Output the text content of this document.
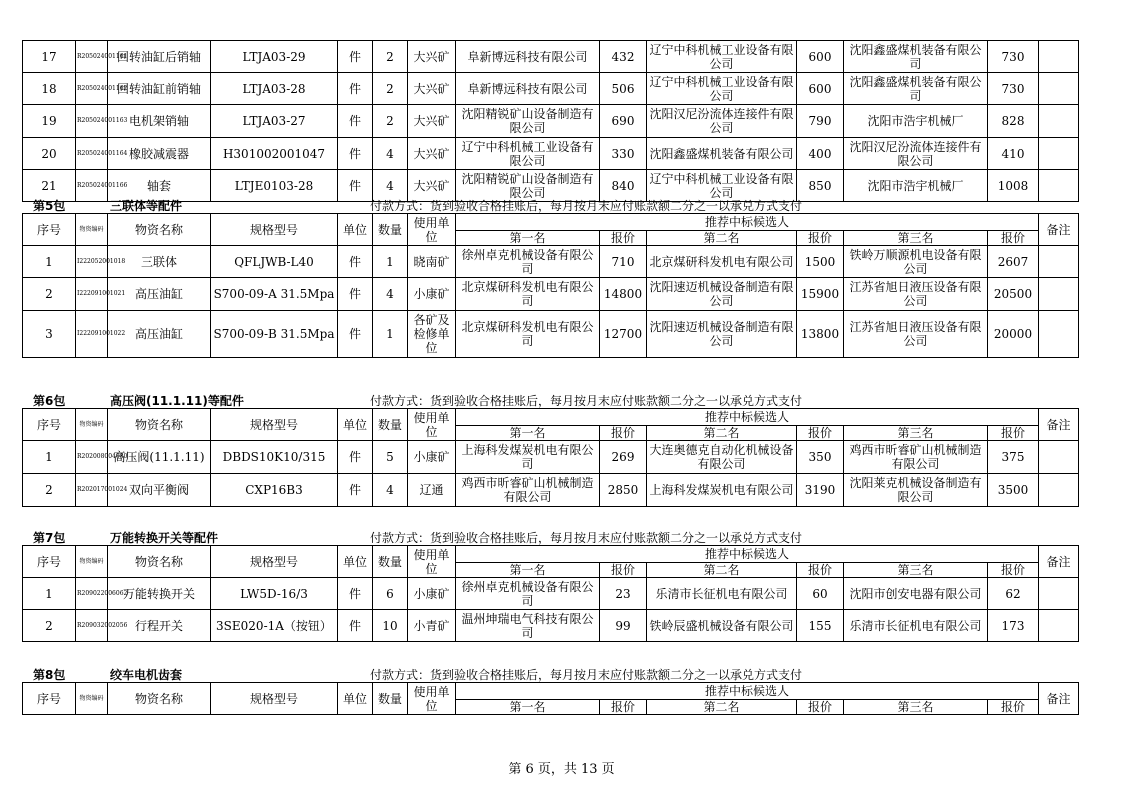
17	R205024001161	回转油缸后销轴	LTJA03-29	件	2	大兴矿	阜新博远科技有限公司	432	辽宁中科机械工业设备有限公司	600	沈阳鑫盛煤机装备有限公司	730	
18	R205024001162	回转油缸前销轴	LTJA03-28	件	2	大兴矿	阜新博远科技有限公司	506	辽宁中科机械工业设备有限公司	600	沈阳鑫盛煤机装备有限公司	730	
19	R205024001163	电机架销轴	LTJA03-27	件	2	大兴矿	沈阳精锐矿山设备制造有限公司	690	沈阳汉尼汾流体连接件有限公司	790	沈阳市浩宇机械厂	828	
20	R205024001164	橡胶减震器	H301002001047	件	4	大兴矿	辽宁中科机械工业设备有限公司	330	沈阳鑫盛煤机装备有限公司	400	沈阳汉尼汾流体连接件有限公司	410	
21	R205024001166	轴套	LTJE0103-28	件	4	大兴矿	沈阳精锐矿山设备制造有限公司	840	辽宁中科机械工业设备有限公司	850	沈阳市浩宇机械厂	1008	
第5包	三联体等配件	付款方式：货到验收合格挂账后，每月按月末应付账款额二分之一以承兑方式支付
序号	物资编码	物资名称	规格型号	单位	数量	使用单位	推荐中标候选人						备注
							第一名	报价	第二名	报价	第三名	报价	
1	I222052001018	三联体	QFLJWB-L40	件	1	晓南矿	徐州卓克机械设备有限公司	710	北京煤研科发机电有限公司	1500	铁岭万顺源机电设备有限公司	2607	
2	I222091001021	高压油缸	S700-09-A 31.5Mpa	件	4	小康矿	北京煤研科发机电有限公司	14800	沈阳速迈机械设备制造有限公司	15900	江苏省旭日液压设备有限公司	20500	
3	I222091001022	高压油缸	S700-09-B 31.5Mpa	件	1	各矿及检修单位	北京煤研科发机电有限公司	12700	沈阳速迈机械设备制造有限公司	13800	江苏省旭日液压设备有限公司	20000	
第6包	高压阀(11.1.11)等配件	付款方式：货到验收合格挂账后，每月按月末应付账款额二分之一以承兑方式支付
序号	物资编码	物资名称	规格型号	单位	数量	使用单位	推荐中标候选人						备注
							第一名	报价	第二名	报价	第三名	报价	
1	R202008004080	高压阀(11.1.11)	DBDS10K10/315	件	5	小康矿	上海科发煤炭机电有限公司	269	大连奥德克自动化机械设备有限公司	350	鸡西市昕睿矿山机械制造有限公司	375	
2	R202017001024	双向平衡阀	CXP16B3	件	4	辽通	鸡西市昕睿矿山机械制造有限公司	2850	上海科发煤炭机电有限公司	3190	沈阳莱克机械设备制造有限公司	3500	
第7包	万能转换开关等配件	付款方式：货到验收合格挂账后，每月按月末应付账款额二分之一以承兑方式支付
序号	物资编码	物资名称	规格型号	单位	数量	使用单位	推荐中标候选人						备注
							第一名	报价	第二名	报价	第三名	报价	
1	R209022006062	万能转换开关	LW5D-16/3	件	6	小康矿	徐州卓克机械设备有限公司	23	乐清市长征机电有限公司	60	沈阳市创安电器有限公司	62	
2	R209032002056	行程开关	3SE020-1A（按钮）	件	10	小青矿	温州坤瑞电气科技有限公司	99	铁岭辰盛机械设备有限公司	155	乐清市长征机电有限公司	173	
第8包	绞车电机齿套	付款方式：货到验收合格挂账后，每月按月末应付账款额二分之一以承兑方式支付
序号	物资编码	物资名称	规格型号	单位	数量	使用单位	推荐中标候选人						备注
							第一名	报价	第二名	报价	第三名	报价	
第 6 页，共 13 页
